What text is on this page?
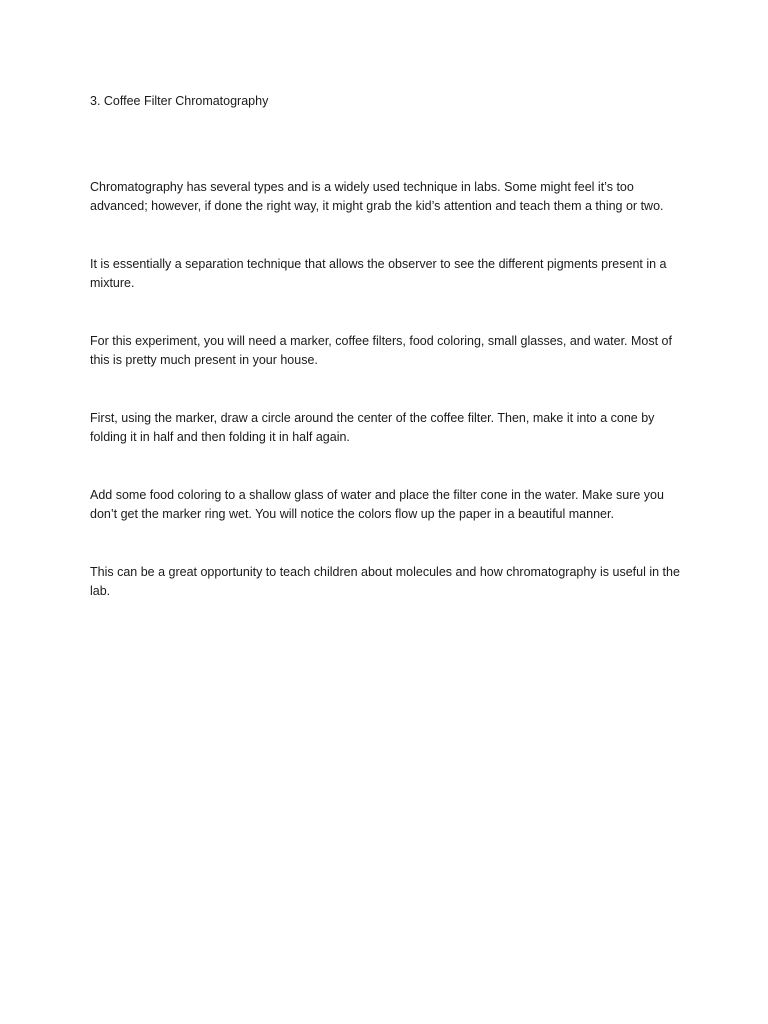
3. Coffee Filter Chromatography

Chromatography has several types and is a widely used technique in labs. Some might feel it’s too advanced; however, if done the right way, it might grab the kid’s attention and teach them a thing or two.

It is essentially a separation technique that allows the observer to see the different pigments present in a mixture.

For this experiment, you will need a marker, coffee filters, food coloring, small glasses, and water. Most of this is pretty much present in your house.

First, using the marker, draw a circle around the center of the coffee filter. Then, make it into a cone by folding it in half and then folding it in half again.

Add some food coloring to a shallow glass of water and place the filter cone in the water. Make sure you don’t get the marker ring wet. You will notice the colors flow up the paper in a beautiful manner.

This can be a great opportunity to teach children about molecules and how chromatography is useful in the lab.
